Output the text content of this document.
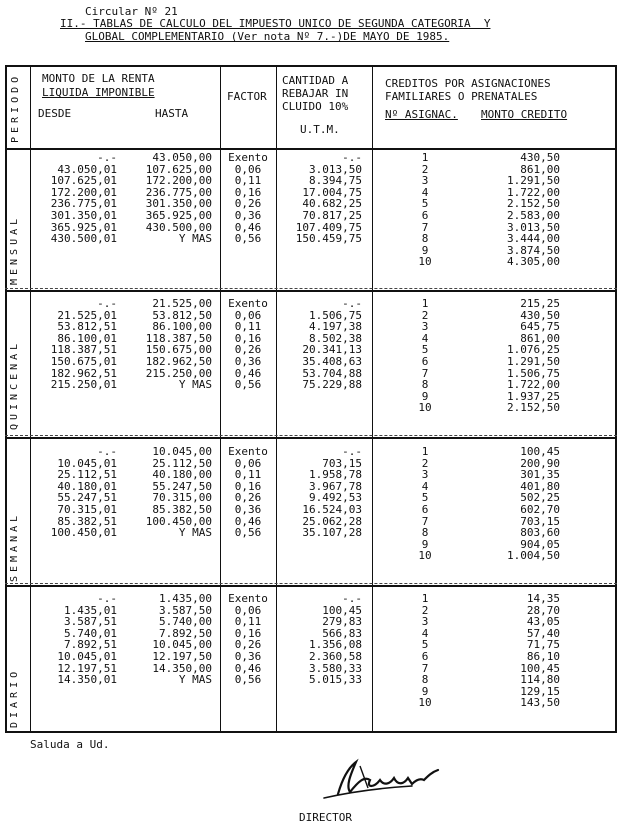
Circular Nº 21
II.- TABLAS DE CALCULO DEL IMPUESTO UNICO DE SEGUNDA CATEGORIA  Y
GLOBAL COMPLEMENTARIO (Ver nota Nº 7.-)DE MAYO DE 1985.
PERIODO MONTO DE LA RENTA
LIQUIDA IMPONIBLE
DESDE	HASTA
FACTOR
CANTIDAD A
REBAJAR IN
CLUIDO 10%
U.T.M.
CREDITOS POR ASIGNACIONES
FAMILIARES O PRENATALES
Nº ASIGNAC. MONTO CREDITO
MENSUAL
-.-
43.050,01
107.625,01
172.200,01
236.775,01
301.350,01
365.925,01
430.500,01
43.050,00
107.625,00
172.200,00
236.775,00
301.350,00
365.925,00
430.500,00
Y MAS
Exento
0,06
0,11
0,16
0,26
0,36
0,46
0,56
-.-
3.013,50
8.394,75
17.004,75
40.682,25
70.817,25
107.409,75
150.459,75
1
2
3
4
5
6
7
8
9
10
430,50
861,00
1.291,50
1.722,00
2.152,50
2.583,00
3.013,50
3.444,00
3.874,50
4.305,00
QUINCENAL
-.-
21.525,01
53.812,51
86.100,01
118.387,51
150.675,01
182.962,51
215.250,01
21.525,00
53.812,50
86.100,00
118.387,50
150.675,00
182.962,50
215.250,00
Y MAS
Exento
0,06
0,11
0,16
0,26
0,36
0,46
0,56
-.-
1.506,75
4.197,38
8.502,38
20.341,13
35.408,63
53.704,88
75.229,88
1
2
3
4
5
6
7
8
9
10
215,25
430,50
645,75
861,00
1.076,25
1.291,50
1.506,75
1.722,00
1.937,25
2.152,50
SEMANAL
-.-
10.045,01
25.112,51
40.180,01
55.247,51
70.315,01
85.382,51
100.450,01
10.045,00
25.112,50
40.180,00
55.247,50
70.315,00
85.382,50
100.450,00
Y MAS
Exento
0,06
0,11
0,16
0,26
0,36
0,46
0,56
-.-
703,15
1.958,78
3.967,78
9.492,53
16.524,03
25.062,28
35.107,28
1
2
3
4
5
6
7
8
9
10
100,45
200,90
301,35
401,80
502,25
602,70
703,15
803,60
904,05
1.004,50
DIARIO
-.-
1.435,01
3.587,51
5.740,01
7.892,51
10.045,01
12.197,51
14.350,01
1.435,00
3.587,50
5.740,00
7.892,50
10.045,00
12.197,50
14.350,00
Y MAS
Exento
0,06
0,11
0,16
0,26
0,36
0,46
0,56
-.-
100,45
279,83
566,83
1.356,08
2.360,58
3.580,33
5.015,33
1
2
3
4
5
6
7
8
9
10
14,35
28,70
43,05
57,40
71,75
86,10
100,45
114,80
129,15
143,50
Saluda a Ud.
DIRECTOR
